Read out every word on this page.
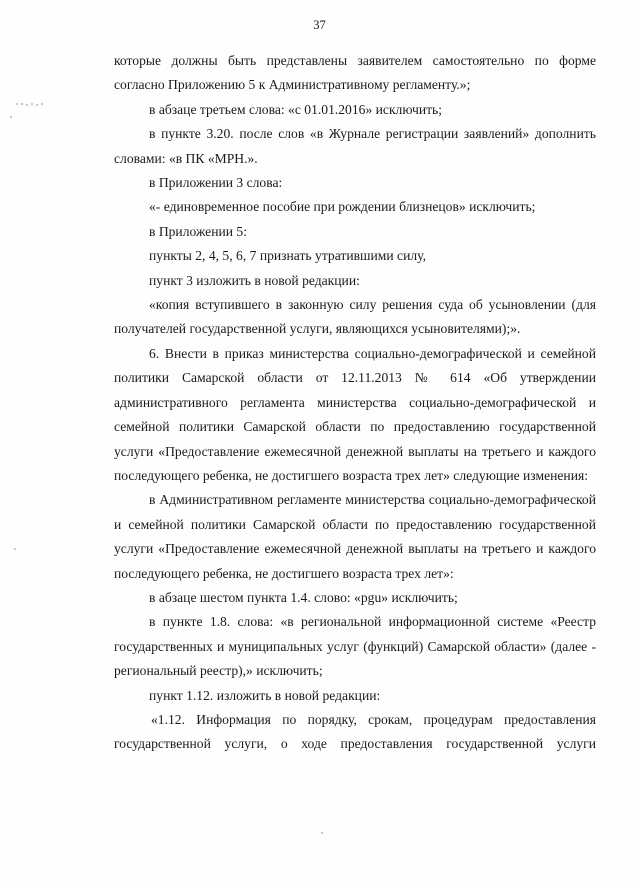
37

которые должны быть представлены заявителем самостоятельно по форме согласно Приложению 5 к Административному регламенту.»;

в абзаце третьем слова: «с 01.01.2016» исключить;

в пункте 3.20. после слов «в Журнале регистрации заявлений» дополнить словами: «в ПК «МРН.».

в Приложении 3 слова:

«- единовременное пособие при рождении близнецов» исключить;

в Приложении 5:

пункты 2, 4, 5, 6, 7 признать утратившими силу,

пункт 3 изложить в новой редакции:

«копия вступившего в законную силу решения суда об усыновлении (для получателей государственной услуги, являющихся усыновителями);».

6. Внести в приказ министерства социально-демографической и семейной политики Самарской области от 12.11.2013 № 614 «Об утверждении административного регламента министерства социально-демографической и семейной политики Самарской области по предоставлению государственной услуги «Предоставление ежемесячной денежной выплаты на третьего и каждого последующего ребенка, не достигшего возраста трех лет» следующие изменения:

в Административном регламенте министерства социально-демографической и семейной политики Самарской области по предоставлению государственной услуги «Предоставление ежемесячной денежной выплаты на третьего и каждого последующего ребенка, не достигшего возраста трех лет»:

в абзаце шестом пункта 1.4. слово: «pgu» исключить;

в пункте 1.8. слова: «в региональной информационной системе «Реестр государственных и муниципальных услуг (функций) Самарской области» (далее - региональный реестр),» исключить;

пункт 1.12. изложить в новой редакции:

«1.12. Информация по порядку, срокам, процедурам предоставления государственной услуги, о ходе предоставления государственной услуги
